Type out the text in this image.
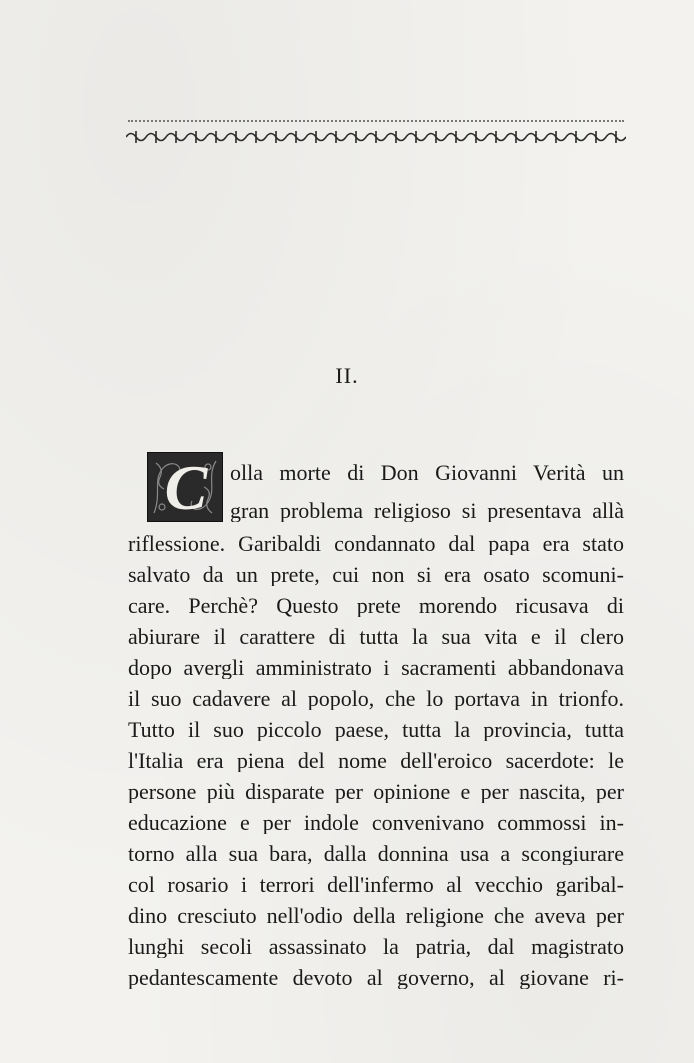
II.
C	olla morte di Don Giovanni Verità un
gran problema religioso si presentava allà
riflessione. Garibaldi condannato dal papa era stato
salvato da un prete, cui non si era osato scomuni-
care. Perchè? Questo prete morendo ricusava di
abiurare il carattere di tutta la sua vita e il clero
dopo avergli amministrato i sacramenti abbandonava
il suo cadavere al popolo, che lo portava in trionfo.
Tutto il suo piccolo paese, tutta la provincia, tutta
l'Italia era piena del nome dell'eroico sacerdote: le
persone più disparate per opinione e per nascita, per
educazione e per indole convenivano commossi in-
torno alla sua bara, dalla donnina usa a scongiurare
col rosario i terrori dell'infermo al vecchio garibal-
dino cresciuto nell'odio della religione che aveva per
lunghi secoli assassinato la patria, dal magistrato
pedantescamente devoto al governo, al giovane ri-
